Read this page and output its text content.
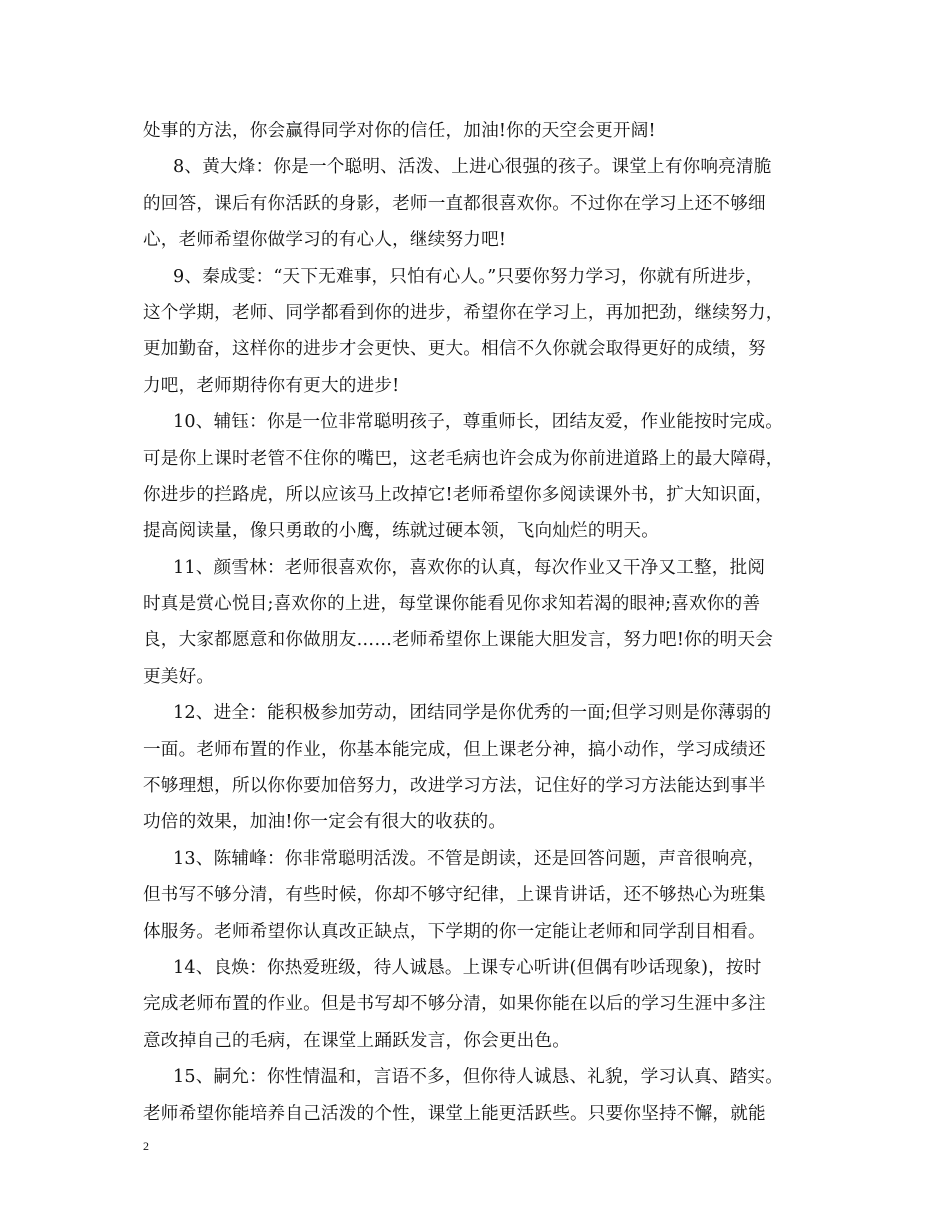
处事的方法，你会赢得同学对你的信任，加油!你的天空会更开阔!
8、黄大烽：你是一个聪明、活泼、上进心很强的孩子。课堂上有你响亮清脆
的回答，课后有你活跃的身影，老师一直都很喜欢你。不过你在学习上还不够细
心，老师希望你做学习的有心人，继续努力吧!
9、秦成雯：“天下无难事，只怕有心人。”只要你努力学习，你就有所进步，
这个学期，老师、同学都看到你的进步，希望你在学习上，再加把劲，继续努力，
更加勤奋，这样你的进步才会更快、更大。相信不久你就会取得更好的成绩，努
力吧，老师期待你有更大的进步!
10、辅钰：你是一位非常聪明孩子，尊重师长，团结友爱，作业能按时完成。
可是你上课时老管不住你的嘴巴，这老毛病也许会成为你前进道路上的最大障碍，
你进步的拦路虎，所以应该马上改掉它!老师希望你多阅读课外书，扩大知识面，
提高阅读量，像只勇敢的小鹰，练就过硬本领，飞向灿烂的明天。
11、颜雪林：老师很喜欢你，喜欢你的认真，每次作业又干净又工整，批阅
时真是赏心悦目;喜欢你的上进，每堂课你能看见你求知若渴的眼神;喜欢你的善
良，大家都愿意和你做朋友……老师希望你上课能大胆发言，努力吧!你的明天会
更美好。
12、进全：能积极参加劳动，团结同学是你优秀的一面;但学习则是你薄弱的
一面。老师布置的作业，你基本能完成，但上课老分神，搞小动作，学习成绩还
不够理想，所以你你要加倍努力，改进学习方法，记住好的学习方法能达到事半
功倍的效果，加油!你一定会有很大的收获的。
13、陈辅峰：你非常聪明活泼。不管是朗读，还是回答问题，声音很响亮，
但书写不够分清，有些时候，你却不够守纪律，上课肯讲话，还不够热心为班集
体服务。老师希望你认真改正缺点，下学期的你一定能让老师和同学刮目相看。
14、良焕：你热爱班级，待人诚恳。上课专心听讲(但偶有吵话现象)，按时
完成老师布置的作业。但是书写却不够分清，如果你能在以后的学习生涯中多注
意改掉自己的毛病，在课堂上踊跃发言，你会更出色。
15、嗣允：你性情温和，言语不多，但你待人诚恳、礼貌，学习认真、踏实。
老师希望你能培养自己活泼的个性，课堂上能更活跃些。只要你坚持不懈，就能
2
